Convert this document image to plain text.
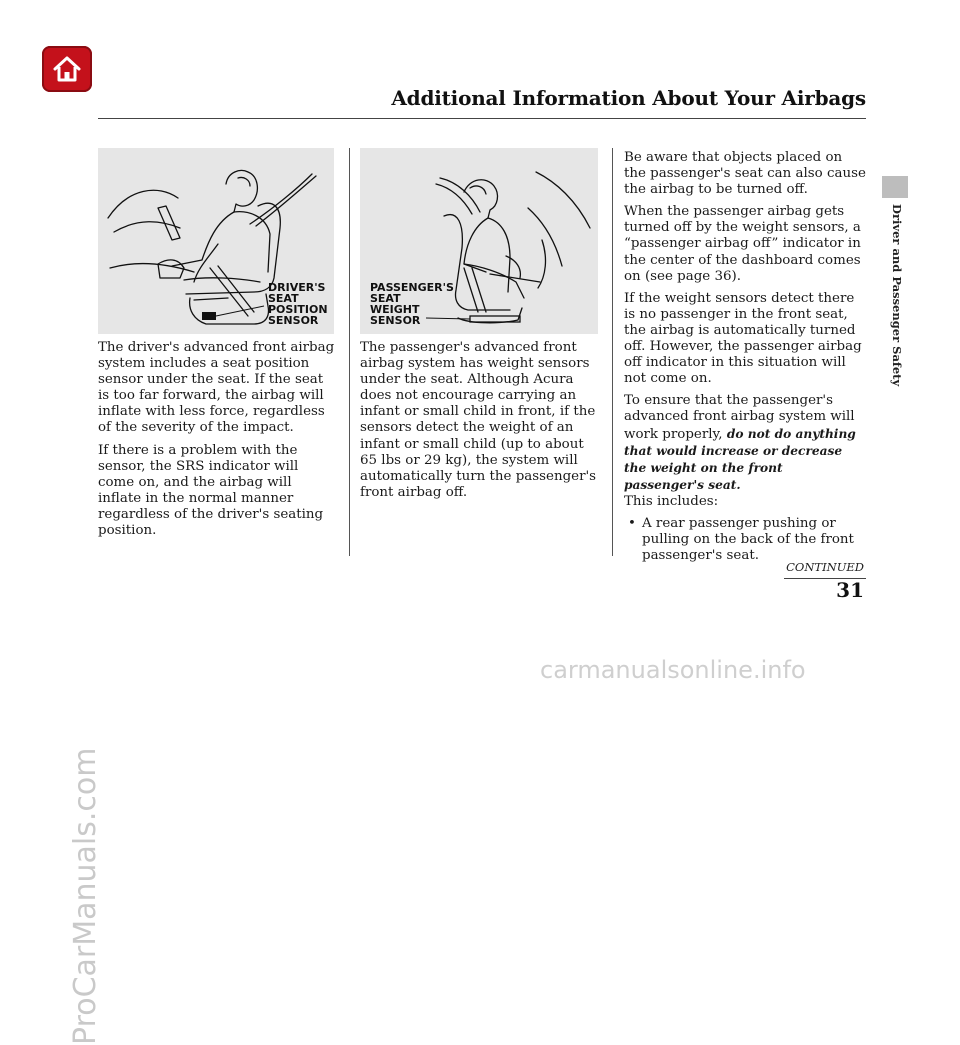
Additional Information About Your Airbags
Driver and Passenger Safety
ProCarManuals.com
carmanualsonline.info
DRIVER'S
SEAT
POSITION
SENSOR
PASSENGER'S
SEAT
WEIGHT
SENSOR

The driver's advanced front airbag system includes a seat position sensor under the seat. If the seat is too far forward, the airbag will inflate with less force, regardless of the severity of the impact.

If there is a problem with the sensor, the SRS indicator will come on, and the airbag will inflate in the normal manner regardless of the driver's seating position.

The passenger's advanced front airbag system has weight sensors under the seat. Although Acura does not encourage carrying an infant or small child in front, if the sensors detect the weight of an infant or small child (up to about 65 lbs or 29 kg), the system will automatically turn the passenger's front airbag off.

Be aware that objects placed on the passenger's seat can also cause the airbag to be turned off.

When the passenger airbag gets turned off by the weight sensors, a “passenger airbag off” indicator in the center of the dashboard comes on (see page 36).

If the weight sensors detect there is no passenger in the front seat, the airbag is automatically turned off. However, the passenger airbag off indicator in this situation will not come on.

To ensure that the passenger's advanced front airbag system will work properly, do not do anything that would increase or decrease the weight on the front passenger's seat.
This includes:

• A rear passenger pushing or pulling on the back of the front passenger's seat.

CONTINUED
31
